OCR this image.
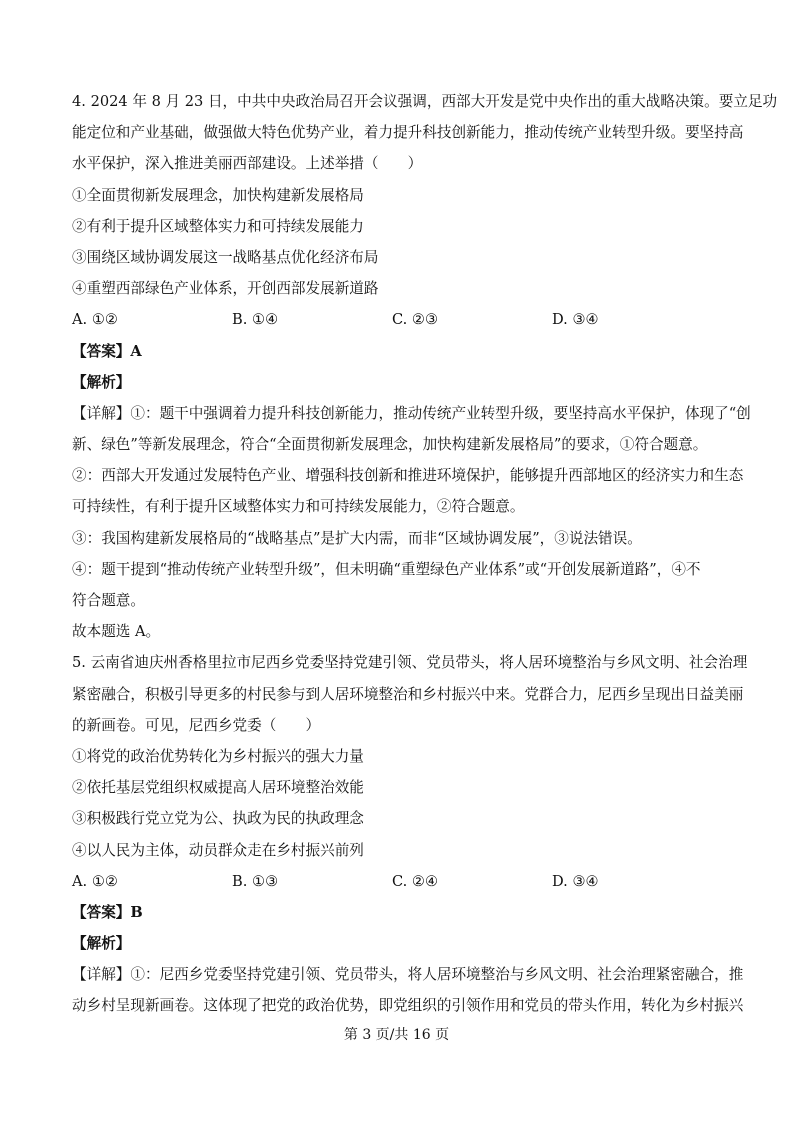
4. 2024 年 8 月 23 日，中共中央政治局召开会议强调，西部大开发是党中央作出的重大战略决策。要立足功
能定位和产业基础，做强做大特色优势产业，着力提升科技创新能力，推动传统产业转型升级。要坚持高
水平保护，深入推进美丽西部建设。上述举措（　　）
①全面贯彻新发展理念，加快构建新发展格局
②有利于提升区域整体实力和可持续发展能力
③围绕区域协调发展这一战略基点优化经济布局
④重塑西部绿色产业体系，开创西部发展新道路
A. ①②	B. ①④	C. ②③	D. ③④
【答案】A
【解析】
【详解】①：题干中强调着力提升科技创新能力，推动传统产业转型升级，要坚持高水平保护，体现了“创
新、绿色”等新发展理念，符合“全面贯彻新发展理念，加快构建新发展格局”的要求，①符合题意。
②：西部大开发通过发展特色产业、增强科技创新和推进环境保护，能够提升西部地区的经济实力和生态
可持续性，有利于提升区域整体实力和可持续发展能力，②符合题意。
③：我国构建新发展格局的“战略基点”是扩大内需，而非“区域协调发展”，③说法错误。
④：题干提到“推动传统产业转型升级”，但未明确“重塑绿色产业体系”或“开创发展新道路”，④不
符合题意。
故本题选 A。
5. 云南省迪庆州香格里拉市尼西乡党委坚持党建引领、党员带头，将人居环境整治与乡风文明、社会治理
紧密融合，积极引导更多的村民参与到人居环境整治和乡村振兴中来。党群合力，尼西乡呈现出日益美丽
的新画卷。可见，尼西乡党委（　　）
①将党的政治优势转化为乡村振兴的强大力量
②依托基层党组织权威提高人居环境整治效能
③积极践行党立党为公、执政为民的执政理念
④以人民为主体，动员群众走在乡村振兴前列
A. ①②	B. ①③	C. ②④	D. ③④
【答案】B
【解析】
【详解】①：尼西乡党委坚持党建引领、党员带头，将人居环境整治与乡风文明、社会治理紧密融合，推
动乡村呈现新画卷。这体现了把党的政治优势，即党组织的引领作用和党员的带头作用，转化为乡村振兴
第 3 页/共 16 页
